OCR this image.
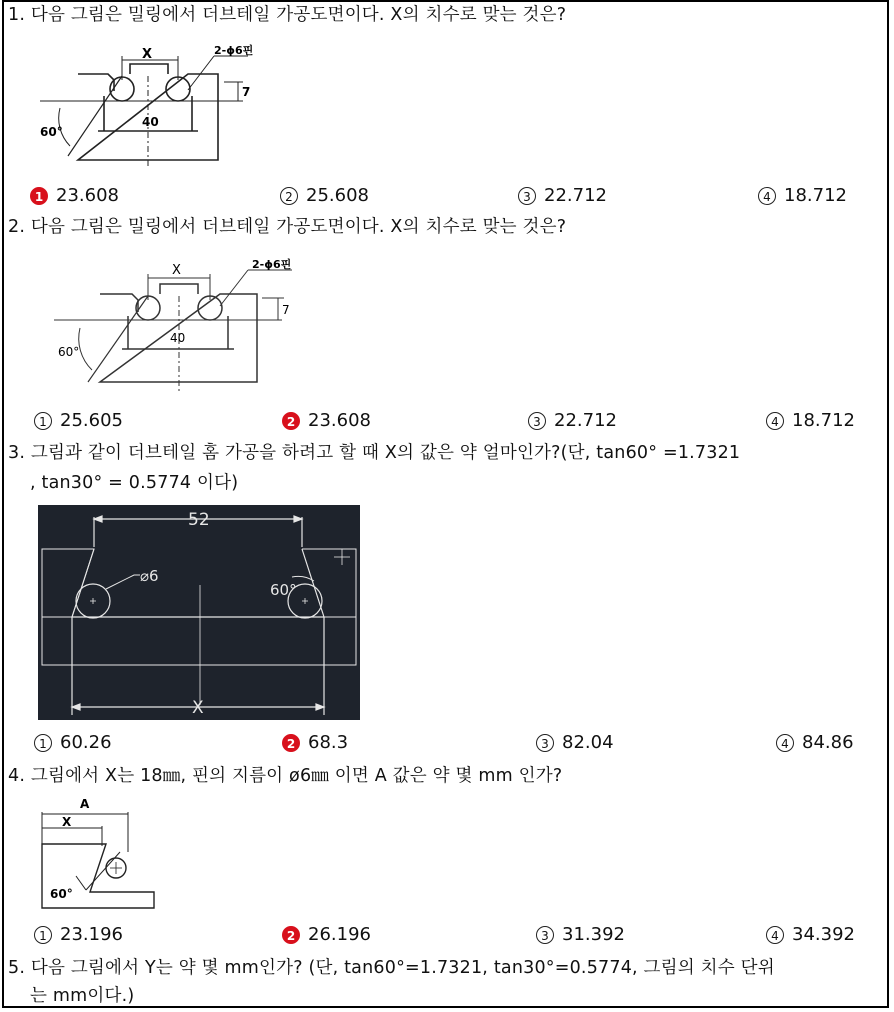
1. 다음 그림은 밀링에서 더브테일 가공도면이다. X의 치수로 맞는 것은?
X	2-ϕ6핀
40
60°
7
1 23.608	2 25.608	3 22.712	4 18.712
2. 다음 그림은 밀링에서 더브테일 가공도면이다. X의 치수로 맞는 것은?
X	2-ϕ6핀
40
60°
7
1 25.605	2 23.608	3 22.712	4 18.712
3. 그림과 같이 더브테일 홈 가공을 하려고 할 때 X의 값은 약 얼마인가?(단, tan60° =1.7321
, tan30° = 0.5774 이다)
52
⌀6
60°
X
1 60.26	2 68.3	3 82.04	4 84.86
4. 그림에서 X는 18㎜, 핀의 지름이 ø6㎜ 이면 A 값은 약 몇 mm 인가?
A
X
60°
1 23.196	2 26.196	3 31.392	4 34.392
5. 다음 그림에서 Y는 약 몇 mm인가? (단, tan60°=1.7321, tan30°=0.5774, 그림의 치수 단위
는 mm이다.)
